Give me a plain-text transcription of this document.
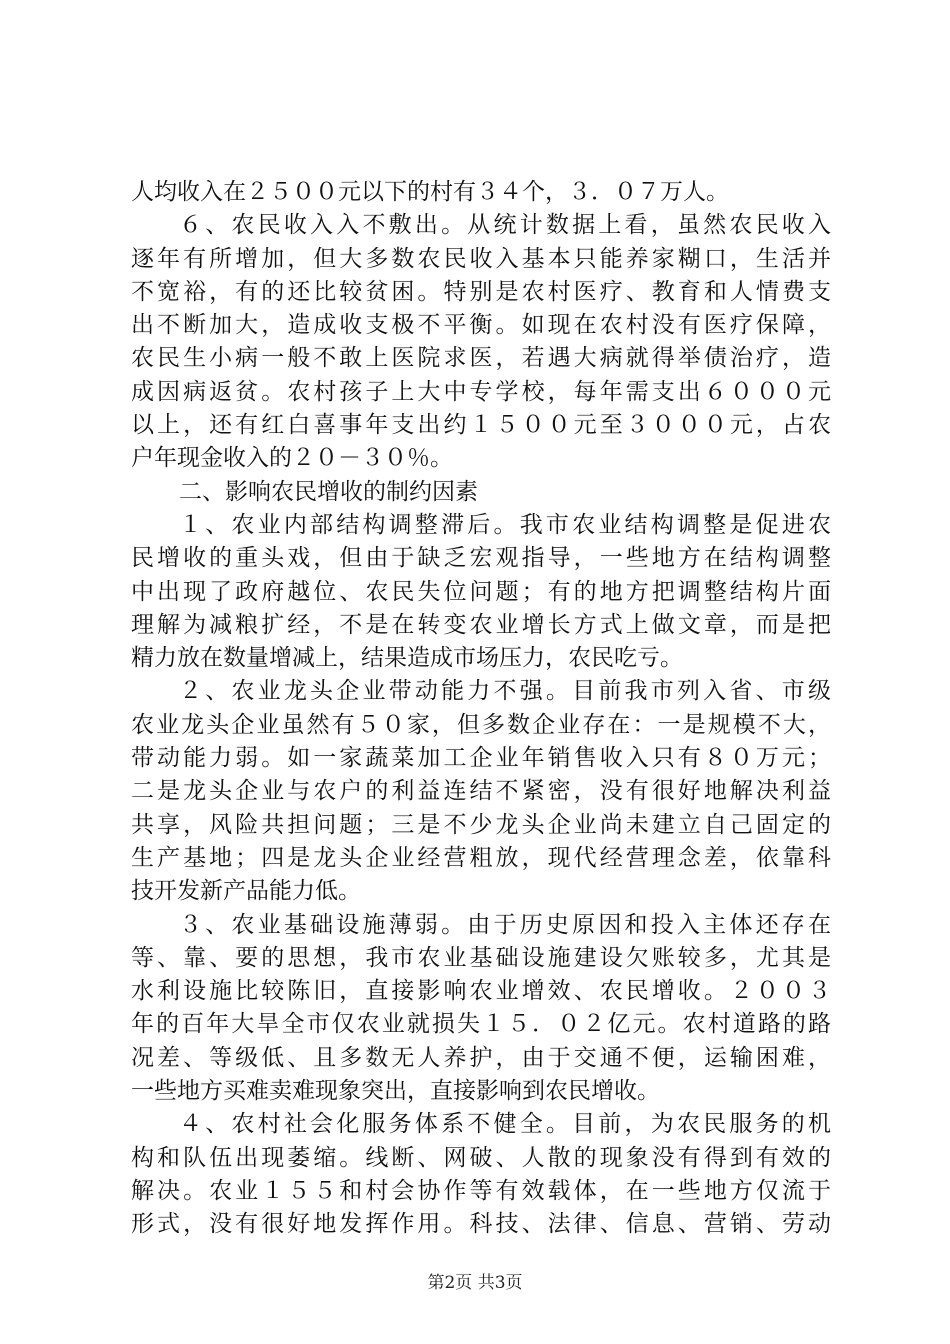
人均收入在２５００元以下的村有３４个，３．０７万人。
６、农民收入入不敷出。从统计数据上看，虽然农民收入
逐年有所增加，但大多数农民收入基本只能养家糊口，生活并
不宽裕，有的还比较贫困。特别是农村医疗、教育和人情费支
出不断加大，造成收支极不平衡。如现在农村没有医疗保障，
农民生小病一般不敢上医院求医，若遇大病就得举债治疗，造
成因病返贫。农村孩子上大中专学校，每年需支出６０００元
以上，还有红白喜事年支出约１５００元至３０００元，占农
户年现金收入的２０－３０％。
二、影响农民增收的制约因素
１、农业内部结构调整滞后。我市农业结构调整是促进农
民增收的重头戏，但由于缺乏宏观指导，一些地方在结构调整
中出现了政府越位、农民失位问题；有的地方把调整结构片面
理解为减粮扩经，不是在转变农业增长方式上做文章，而是把
精力放在数量增减上，结果造成市场压力，农民吃亏。
２、农业龙头企业带动能力不强。目前我市列入省、市级
农业龙头企业虽然有５０家，但多数企业存在：一是规模不大，
带动能力弱。如一家蔬菜加工企业年销售收入只有８０万元；
二是龙头企业与农户的利益连结不紧密，没有很好地解决利益
共享，风险共担问题；三是不少龙头企业尚未建立自己固定的
生产基地；四是龙头企业经营粗放，现代经营理念差，依靠科
技开发新产品能力低。
３、农业基础设施薄弱。由于历史原因和投入主体还存在
等、靠、要的思想，我市农业基础设施建设欠账较多，尤其是
水利设施比较陈旧，直接影响农业增效、农民增收。２００３
年的百年大旱全市仅农业就损失１５．０２亿元。农村道路的路
况差、等级低、且多数无人养护，由于交通不便，运输困难，
一些地方买难卖难现象突出，直接影响到农民增收。
４、农村社会化服务体系不健全。目前，为农民服务的机
构和队伍出现萎缩。线断、网破、人散的现象没有得到有效的
解决。农业１５５和村会协作等有效载体，在一些地方仅流于
形式，没有很好地发挥作用。科技、法律、信息、营销、劳动
第2页 共3页
